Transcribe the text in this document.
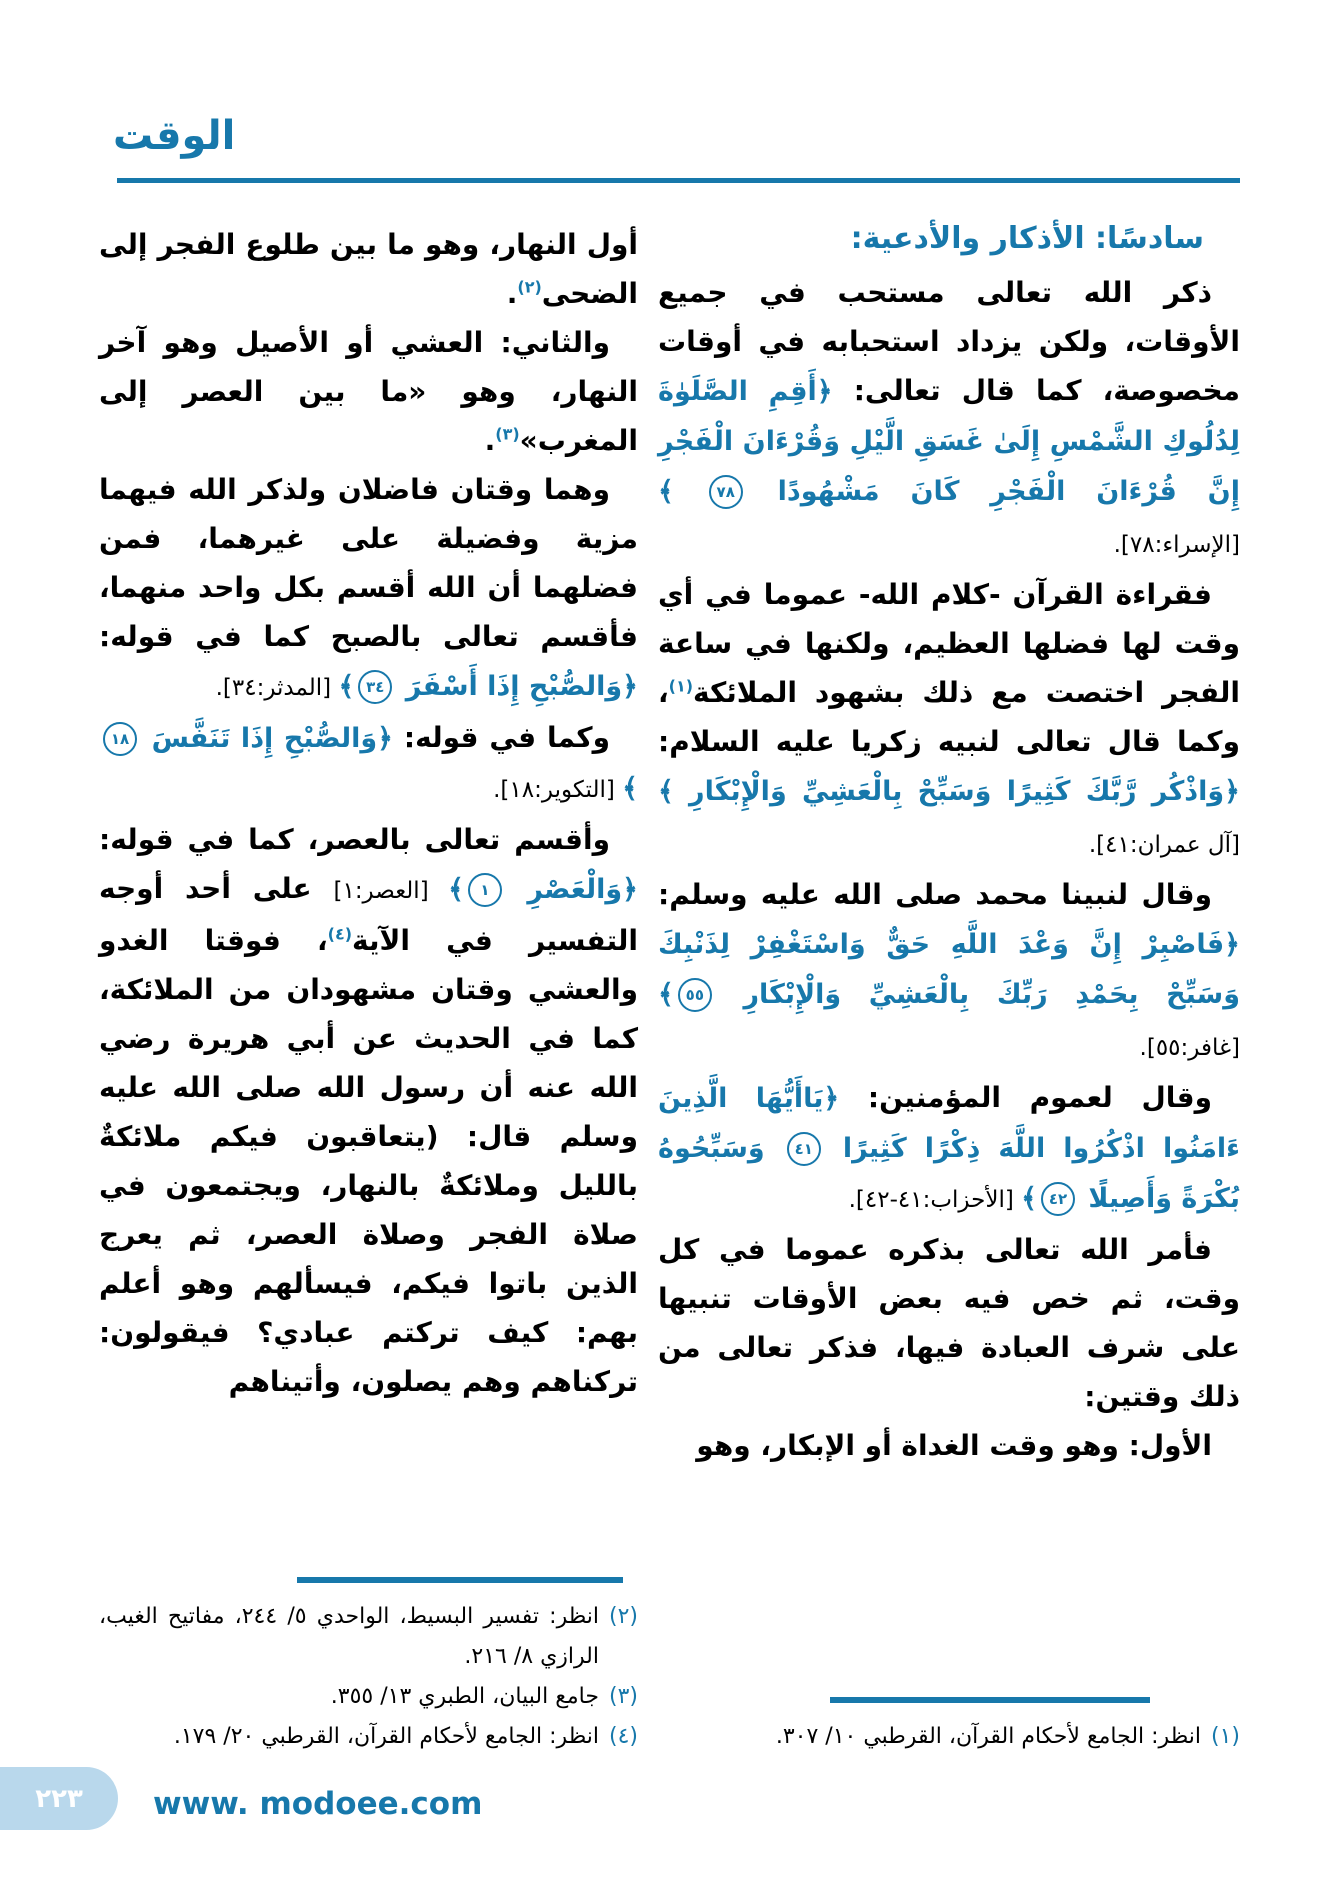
الوقت
سادسًا: الأذكار والأدعية:

ذكر الله تعالى مستحب في جميع الأوقات، ولكن يزداد استحبابه في أوقات مخصوصة، كما قال تعالى: ﴿أَقِمِ الصَّلَوٰةَ لِدُلُوكِ الشَّمْسِ إِلَىٰ غَسَقِ الَّيْلِ وَقُرْءَانَ الْفَجْرِ إِنَّ قُرْءَانَ الْفَجْرِ كَانَ مَشْهُودًا ٧٨ ﴾ [الإسراء:٧٨].

فقراءة القرآن -كلام الله- عموما في أي وقت لها فضلها العظيم، ولكنها في ساعة الفجر اختصت مع ذلك بشهود الملائكة$^{(١)}$، وكما قال تعالى لنبيه زكريا عليه السلام: ﴿وَاذْكُر رَّبَّكَ كَثِيرًا وَسَبِّحْ بِالْعَشِيِّ وَالْإِبْكَارِ ﴾ [آل عمران:٤١].

وقال لنبينا محمد صلى الله عليه وسلم: ﴿فَاصْبِرْ إِنَّ وَعْدَ اللَّهِ حَقٌّ وَاسْتَغْفِرْ لِذَنْبِكَ وَسَبِّحْ بِحَمْدِ رَبِّكَ بِالْعَشِيِّ وَالْإِبْكَارِ ٥٥﴾ [غافر:٥٥].

وقال لعموم المؤمنين: ﴿يَاأَيُّهَا الَّذِينَ ءَامَنُوا اذْكُرُوا اللَّهَ ذِكْرًا كَثِيرًا ٤١ وَسَبِّحُوهُ بُكْرَةً وَأَصِيلًا ٤٢﴾ [الأحزاب:٤١-٤٢].

فأمر الله تعالى بذكره عموما في كل وقت، ثم خص فيه بعض الأوقات تنبيها على شرف العبادة فيها، فذكر تعالى من ذلك وقتين:

الأول: وهو وقت الغداة أو الإبكار، وهو

(١)
انظر: الجامع لأحكام القرآن، القرطبي ١٠/ ٣٠٧.

أول النهار، وهو ما بين طلوع الفجر إلى الضحى$^{(٢)}$.

والثاني: العشي أو الأصيل وهو آخر النهار، وهو «ما بين العصر إلى المغرب»$^{(٣)}$.

وهما وقتان فاضلان ولذكر الله فيهما مزية وفضيلة على غيرهما، فمن فضلهما أن الله أقسم بكل واحد منهما، فأقسم تعالى بالصبح كما في قوله: ﴿وَالصُّبْحِ إِذَا أَسْفَرَ ٣٤﴾ [المدثر:٣٤].

وكما في قوله: ﴿وَالصُّبْحِ إِذَا تَنَفَّسَ ١٨﴾ [التكوير:١٨].

وأقسم تعالى بالعصر، كما في قوله: ﴿وَالْعَصْرِ ١﴾ [العصر:١] على أحد أوجه التفسير في الآية$^{(٤)}$، فوقتا الغدو والعشي وقتان مشهودان من الملائكة، كما في الحديث عن أبي هريرة رضي الله عنه أن رسول الله صلى الله عليه وسلم قال: (يتعاقبون فيكم ملائكةٌ بالليل وملائكةٌ بالنهار، ويجتمعون في صلاة الفجر وصلاة العصر، ثم يعرج الذين باتوا فيكم، فيسألهم وهو أعلم بهم: كيف تركتم عبادي؟ فيقولون: تركناهم وهم يصلون، وأتيناهم

(٢)
انظر: تفسير البسيط، الواحدي ٥/ ٢٤٤، مفاتيح الغيب، الرازي ٨/ ٢١٦.
(٣)
جامع البيان، الطبري ١٣/ ٣٥٥.
(٤)
انظر: الجامع لأحكام القرآن، القرطبي ٢٠/ ١٧٩.
٢٢٣ www. modoee.com
